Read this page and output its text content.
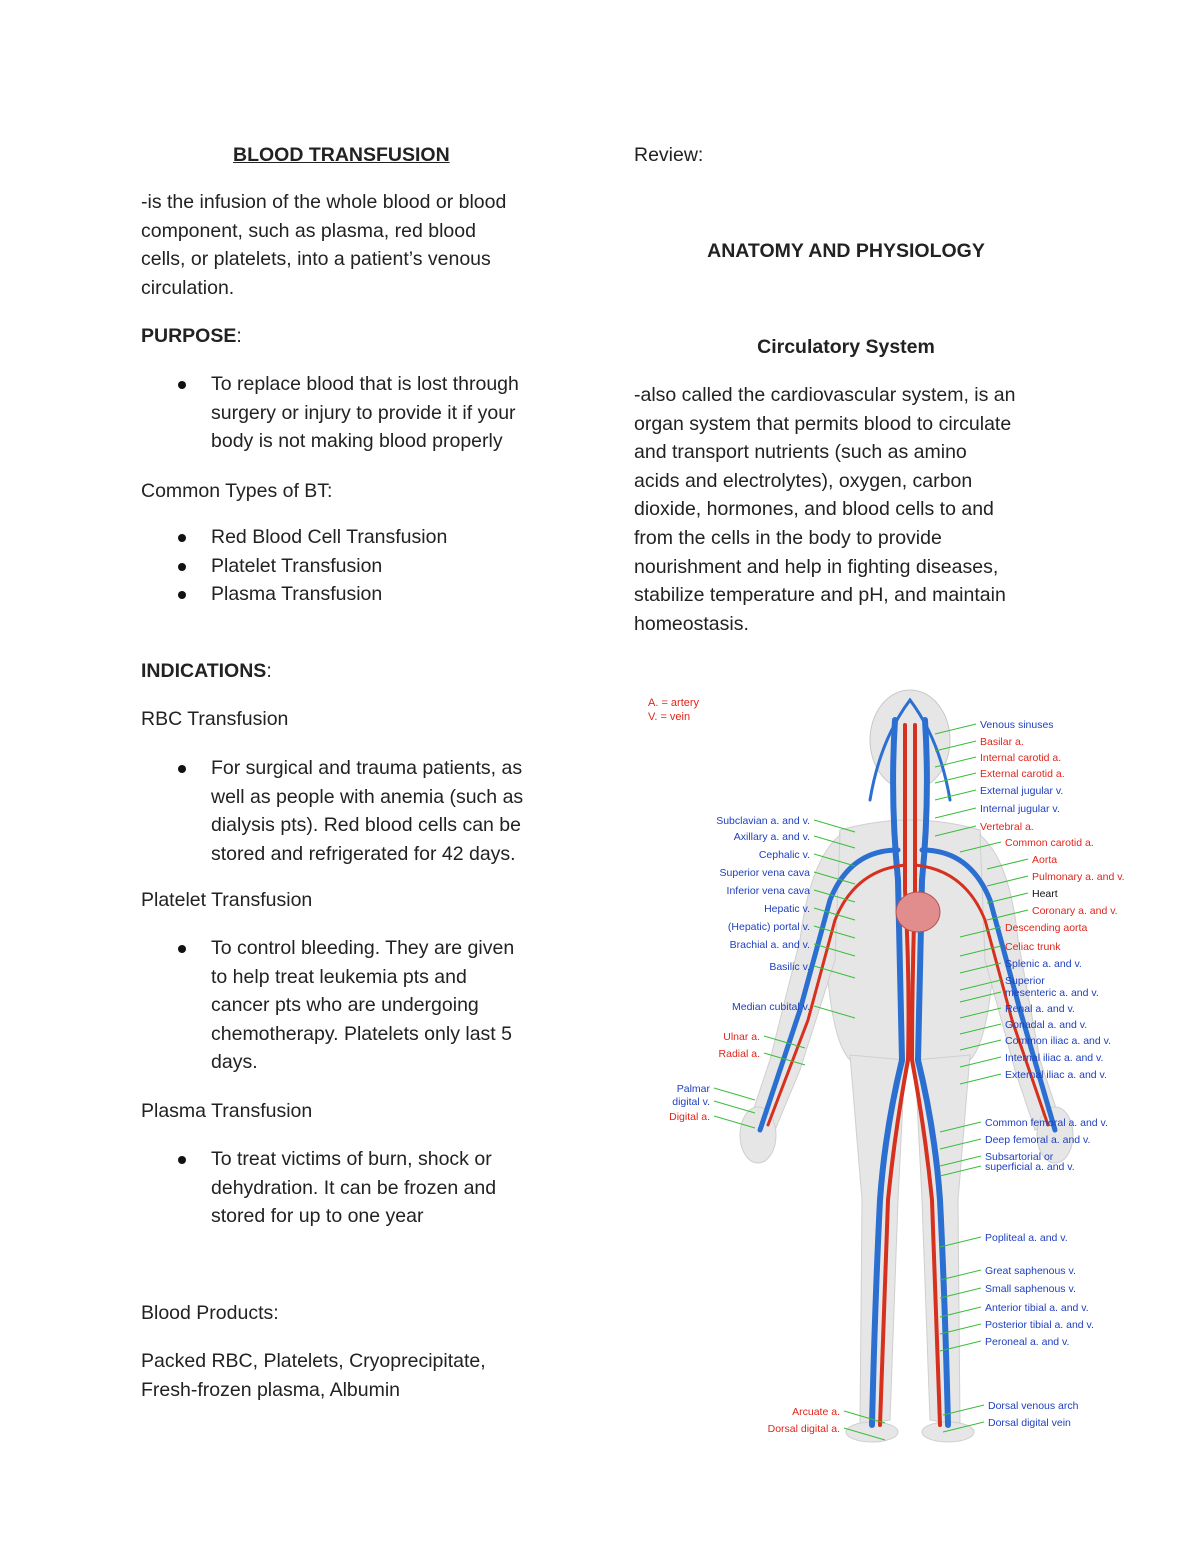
BLOOD TRANSFUSION
-is the infusion of the whole blood or blood
component, such as plasma, red blood
cells, or platelets, into a patient’s venous
circulation.
PURPOSE:
To replace blood that is lost through
surgery or injury to provide it if your
body is not making blood properly
Common Types of BT:
Red Blood Cell Transfusion
Platelet Transfusion
Plasma Transfusion
INDICATIONS:
RBC Transfusion
For surgical and trauma patients, as
well as people with anemia (such as
dialysis pts). Red blood cells can be
stored and refrigerated for 42 days.
Platelet Transfusion
To control bleeding. They are given
to help treat leukemia pts and
cancer pts who are undergoing
chemotherapy. Platelets only last 5
days.
Plasma Transfusion
To treat victims of burn, shock or
dehydration. It can be frozen and
stored for up to one year
Blood Products:
Packed RBC, Platelets, Cryoprecipitate,
Fresh-frozen plasma, Albumin
Review:
ANATOMY AND PHYSIOLOGY
Circulatory System
-also called the cardiovascular system, is an
organ system that permits blood to circulate
and transport nutrients (such as amino
acids and electrolytes), oxygen, carbon
dioxide, hormones, and blood cells to and
from the cells in the body to provide
nourishment and help in fighting diseases,
stabilize temperature and pH, and maintain
homeostasis.
A. = artery
V. = vein
Venous sinuses
Basilar a.
Internal carotid a.
External carotid a.
External jugular v.
Internal jugular v.
Vertebral a.
Common carotid a.
Aorta
Pulmonary a. and v.
Heart
Coronary a. and v.
Descending aorta
Celiac trunk
Splenic a. and v.
Superior
mesenteric a. and v.
Renal a. and v.
Gonadal a. and v.
Common iliac a. and v.
Internal iliac a. and v.
External iliac a. and v.
Common femoral a. and v.
Deep femoral a. and v.
Subsartorial or
superficial a. and v.
Popliteal a. and v.
Great saphenous v.
Small saphenous v.
Anterior tibial a. and v.
Posterior tibial a. and v.
Peroneal a. and v.
Dorsal venous arch
Dorsal digital vein
Subclavian a. and v.
Axillary a. and v.
Cephalic v.
Superior vena cava
Inferior vena cava
Hepatic v.
(Hepatic) portal v.
Brachial a. and v.
Basilic v.
Median cubital v.
Ulnar a.
Radial a.
Palmar
digital v.
Digital a.
Arcuate a.
Dorsal digital a.
